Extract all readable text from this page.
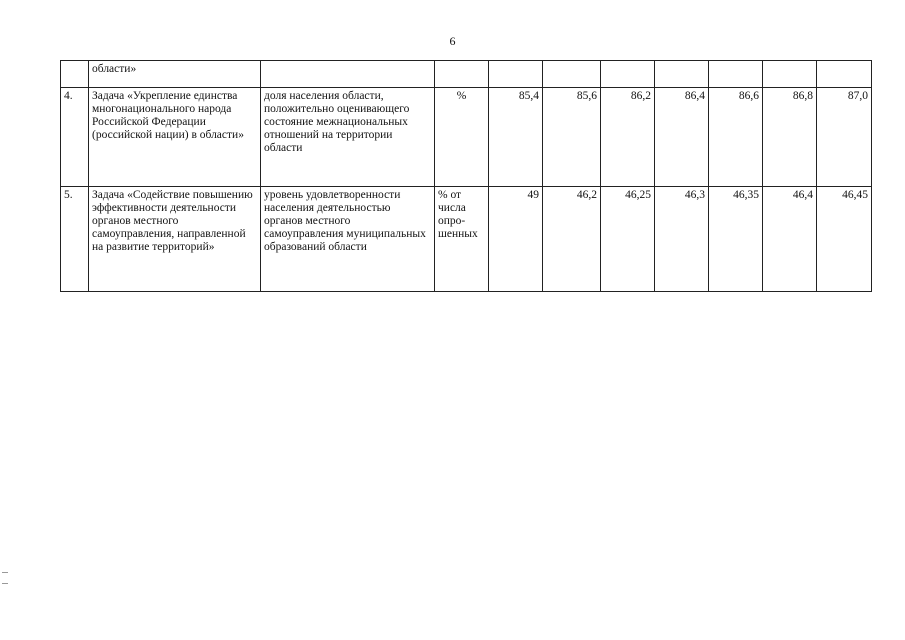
6
	области»									
4.	Задача «Укрепление единства многонационального народа Российской Федерации (российской нации) в области»	доля населения области, положительно оценивающего состояние межнациональных отношений на территории области	%	85,4	85,6	86,2	86,4	86,6	86,8	87,0
5.	Задача «Содействие повышению эффективности деятельности органов местного самоуправления, направленной на развитие территорий»	уровень удовлетворенности населения деятельностью органов местного самоуправления муниципальных образований области	% от числа опро- шенных	49	46,2	46,25	46,3	46,35	46,4	46,45
